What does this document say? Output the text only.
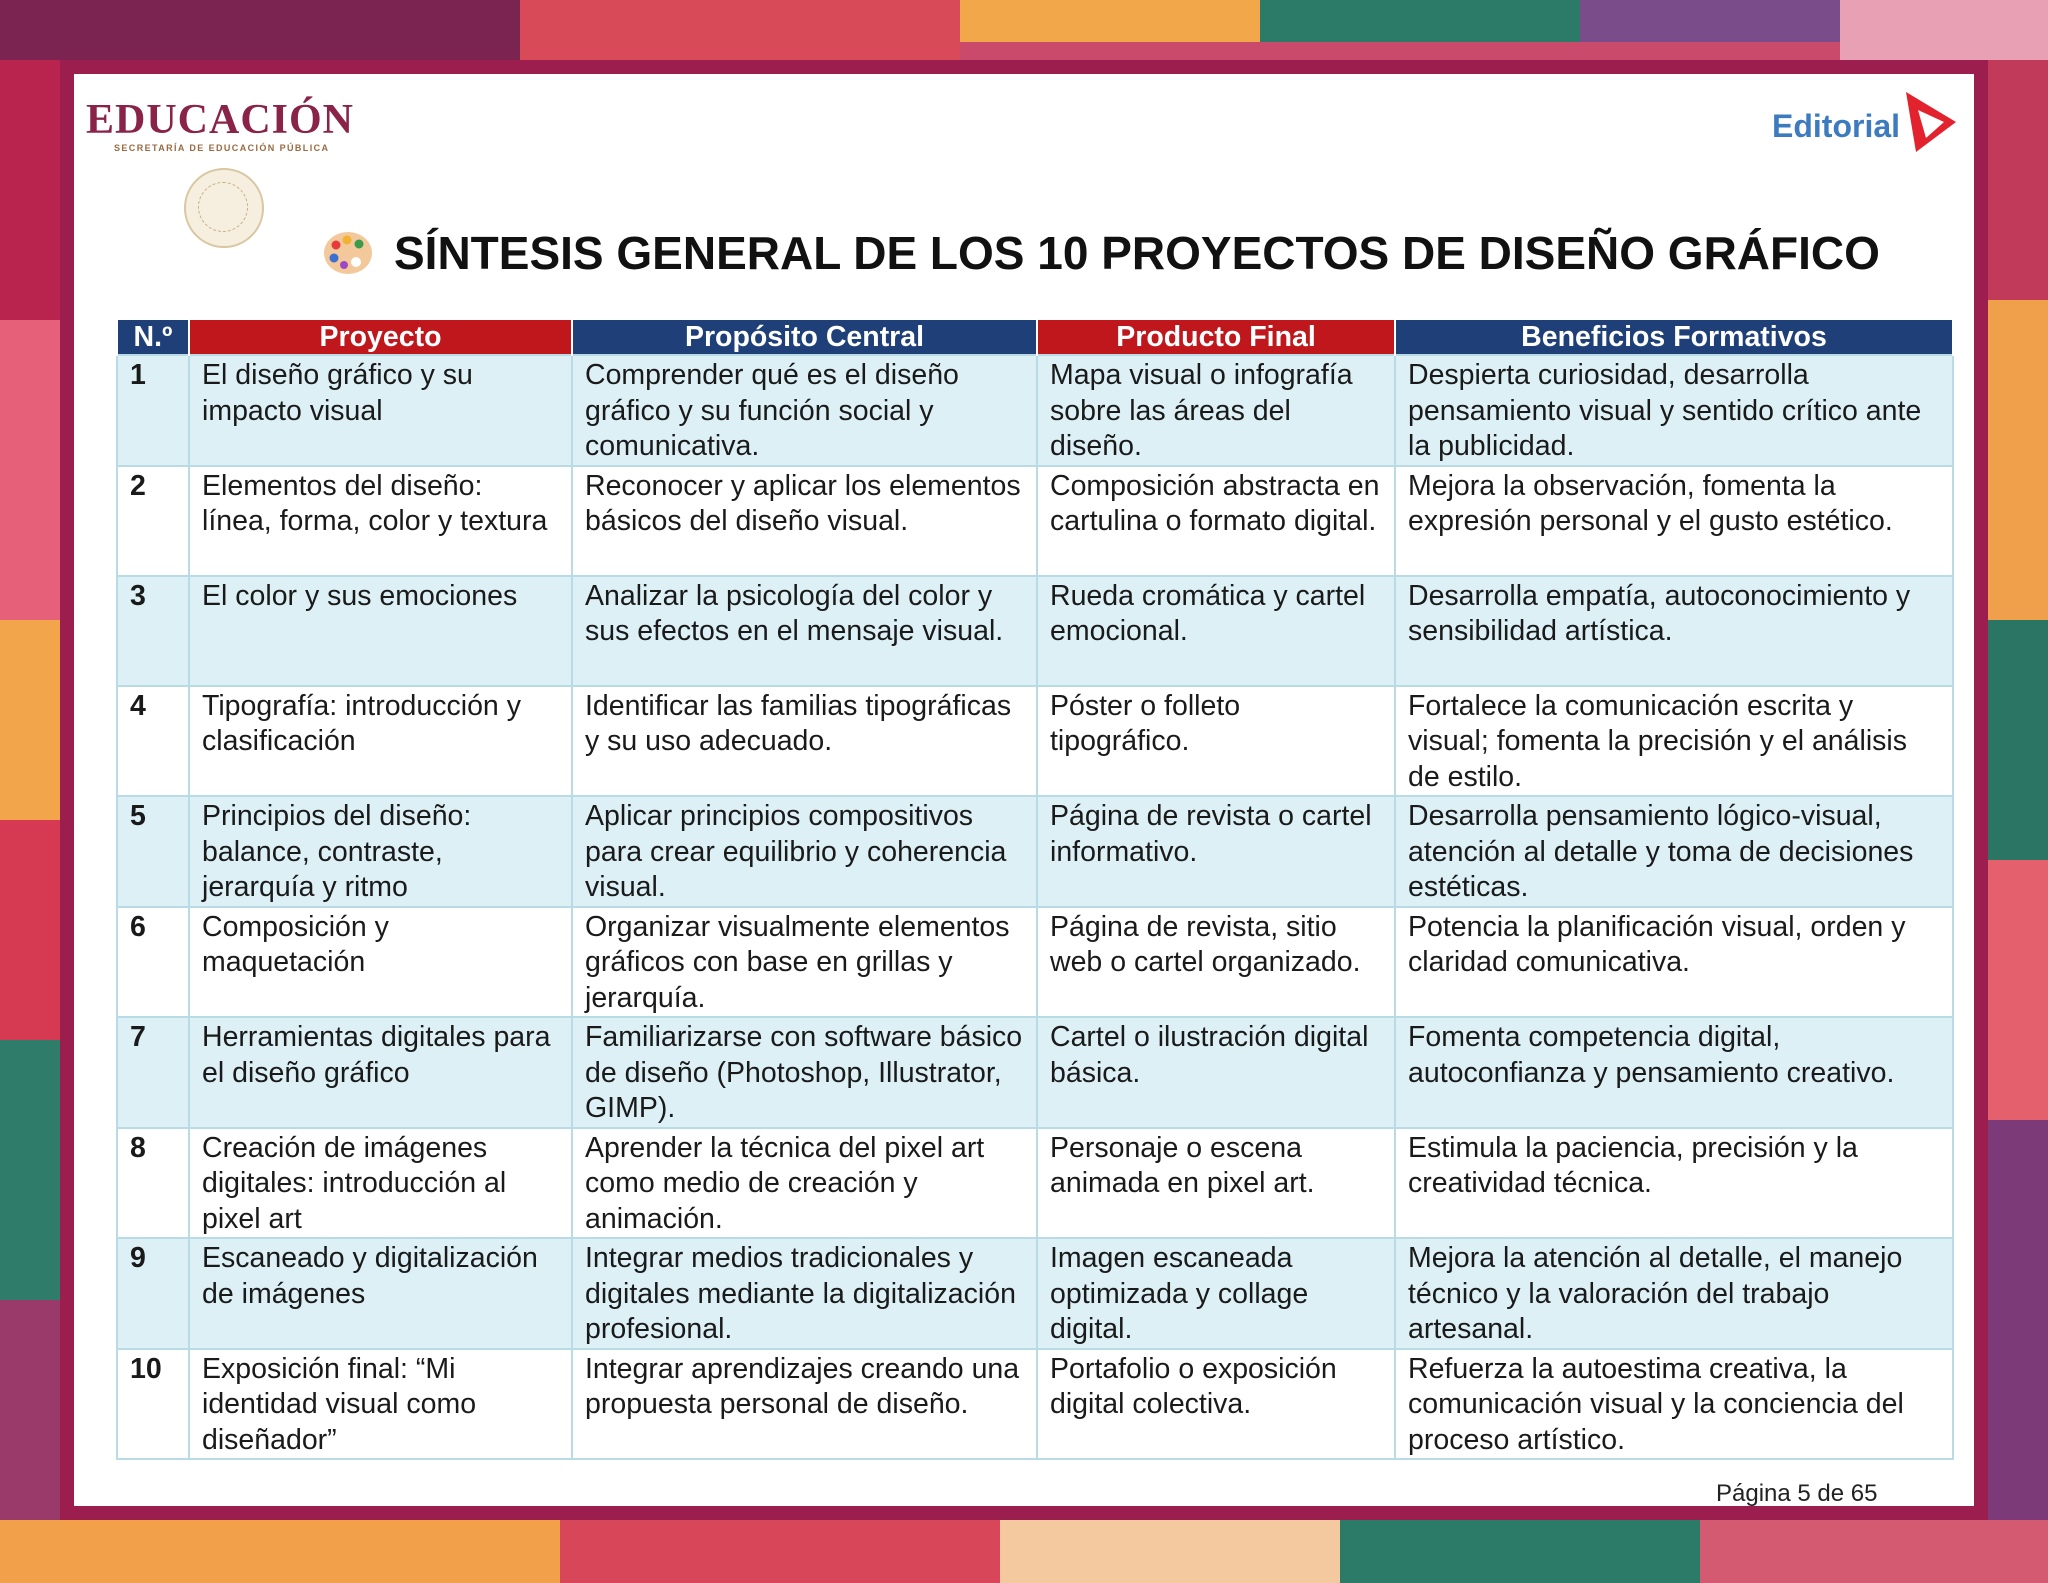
EDUCACIÓN
SECRETARÍA DE EDUCACIÓN PÚBLICA
Editorial
SÍNTESIS GENERAL DE LOS 10 PROYECTOS DE DISEÑO GRÁFICO
N.º	Proyecto	Propósito Central	Producto Final	Beneficios Formativos
1	El diseño gráfico y su impacto visual	Comprender qué es el diseño gráfico y su función social y comunicativa.	Mapa visual o infografía sobre las áreas del diseño.	Despierta curiosidad, desarrolla pensamiento visual y sentido crítico ante la publicidad.
2	Elementos del diseño: línea, forma, color y textura	Reconocer y aplicar los elementos básicos del diseño visual.	Composición abstracta en cartulina o formato digital.	Mejora la observación, fomenta la expresión personal y el gusto estético.
3	El color y sus emociones	Analizar la psicología del color y sus efectos en el mensaje visual.	Rueda cromática y cartel emocional.	Desarrolla empatía, autoconocimiento y sensibilidad artística.
4	Tipografía: introducción y clasificación	Identificar las familias tipográficas y su uso adecuado.	Póster o folleto tipográfico.	Fortalece la comunicación escrita y visual; fomenta la precisión y el análisis de estilo.
5	Principios del diseño: balance, contraste, jerarquía y ritmo	Aplicar principios compositivos para crear equilibrio y coherencia visual.	Página de revista o cartel informativo.	Desarrolla pensamiento lógico-visual, atención al detalle y toma de decisiones estéticas.
6	Composición y maquetación	Organizar visualmente elementos gráficos con base en grillas y jerarquía.	Página de revista, sitio web o cartel organizado.	Potencia la planificación visual, orden y claridad comunicativa.
7	Herramientas digitales para el diseño gráfico	Familiarizarse con software básico de diseño (Photoshop, Illustrator, GIMP).	Cartel o ilustración digital básica.	Fomenta competencia digital, autoconfianza y pensamiento creativo.
8	Creación de imágenes digitales: introducción al pixel art	Aprender la técnica del pixel art como medio de creación y animación.	Personaje o escena animada en pixel art.	Estimula la paciencia, precisión y la creatividad técnica.
9	Escaneado y digitalización de imágenes	Integrar medios tradicionales y digitales mediante la digitalización profesional.	Imagen escaneada optimizada y collage digital.	Mejora la atención al detalle, el manejo técnico y la valoración del trabajo artesanal.
10	Exposición final: “Mi identidad visual como diseñador”	Integrar aprendizajes creando una propuesta personal de diseño.	Portafolio o exposición digital colectiva.	Refuerza la autoestima creativa, la comunicación visual y la conciencia del proceso artístico.
Página 5 de 65
